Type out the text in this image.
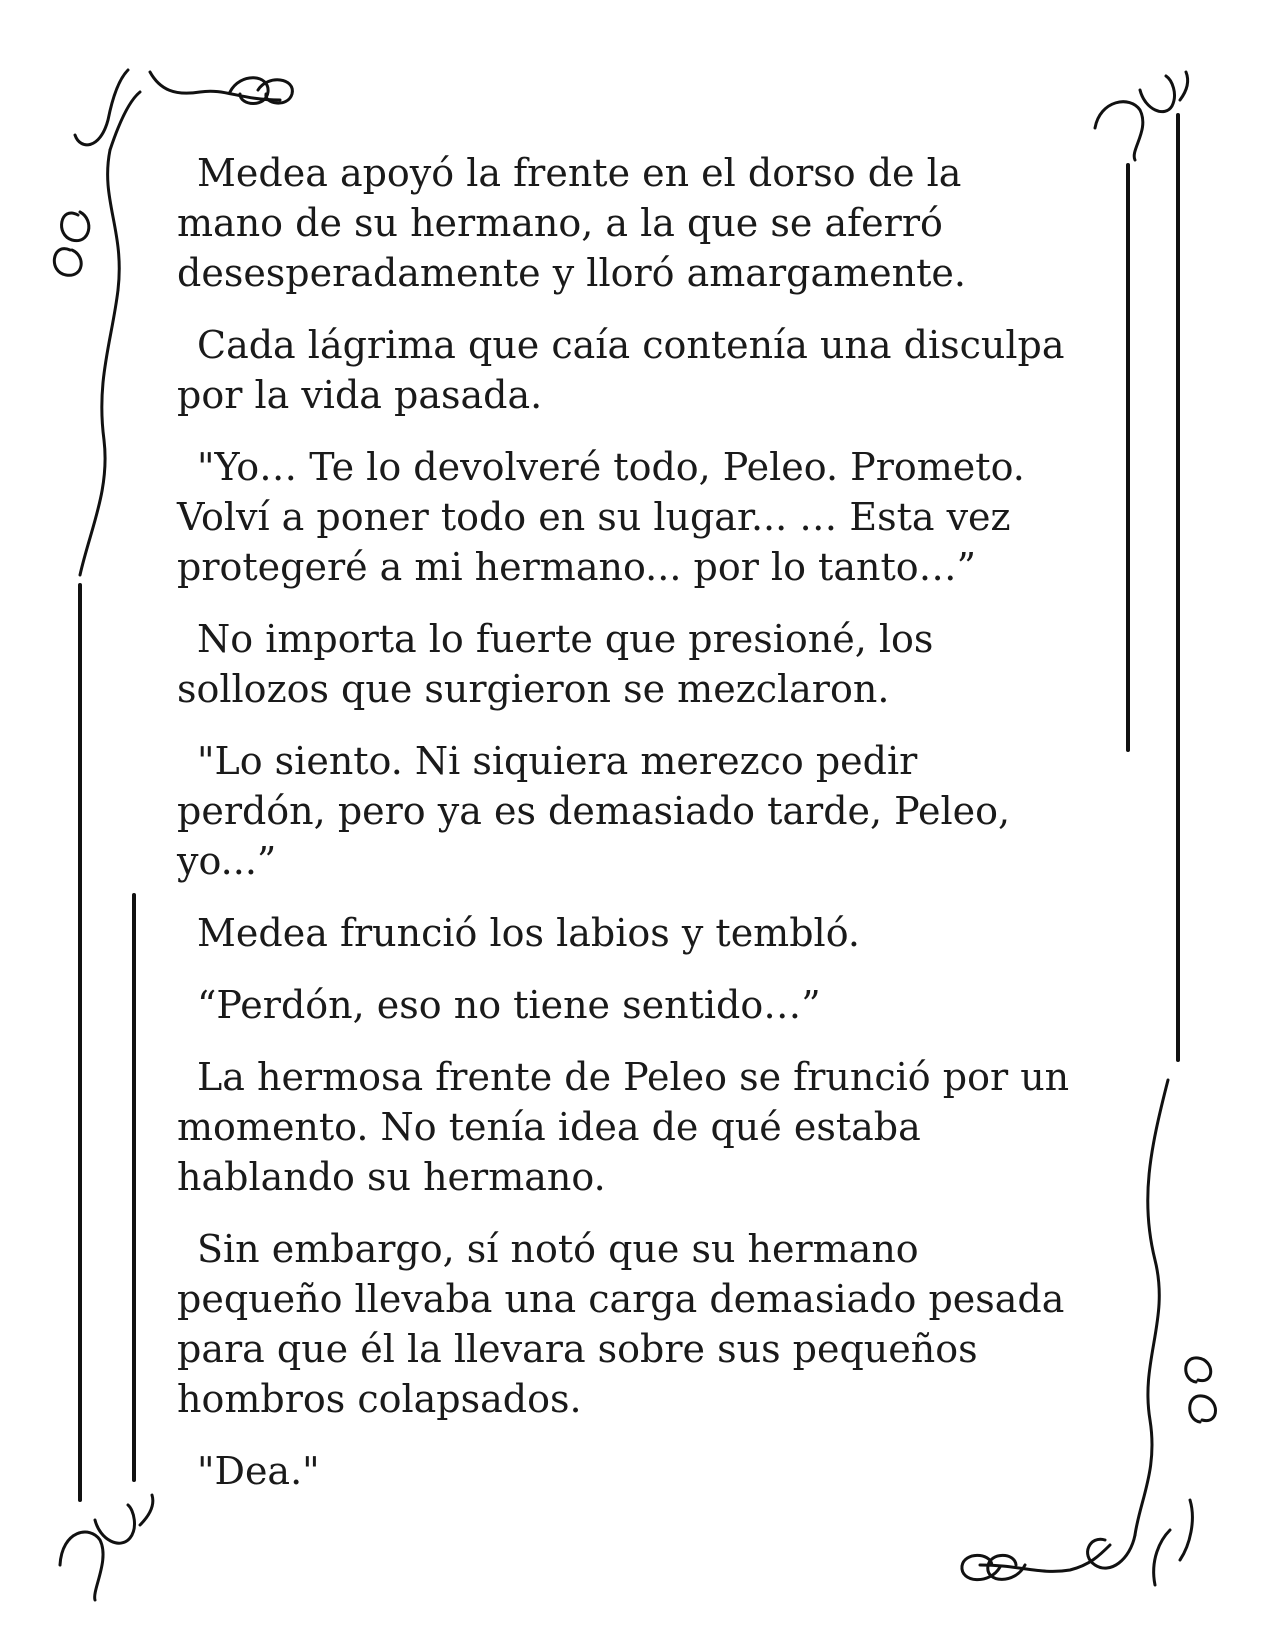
Medea apoyó la frente en el dorso de la mano de su hermano, a la que se aferró desesperadamente y lloró amargamente.

Cada lágrima que caía contenía una disculpa por la vida pasada.

"Yo… Te lo devolveré todo, Peleo. Prometo. Volví a poner todo en su lugar... … Esta vez protegeré a mi hermano... por lo tanto…”

No importa lo fuerte que presioné, los sollozos que surgieron se mezclaron.

"Lo siento. Ni siquiera merezco pedir perdón, pero ya es demasiado tarde, Peleo, yo...”

Medea frunció los labios y tembló.

“Perdón, eso no tiene sentido…”

La hermosa frente de Peleo se frunció por un momento. No tenía idea de qué estaba hablando su hermano.

Sin embargo, sí notó que su hermano pequeño llevaba una carga demasiado pesada para que él la llevara sobre sus pequeños hombros colapsados.

"Dea."
